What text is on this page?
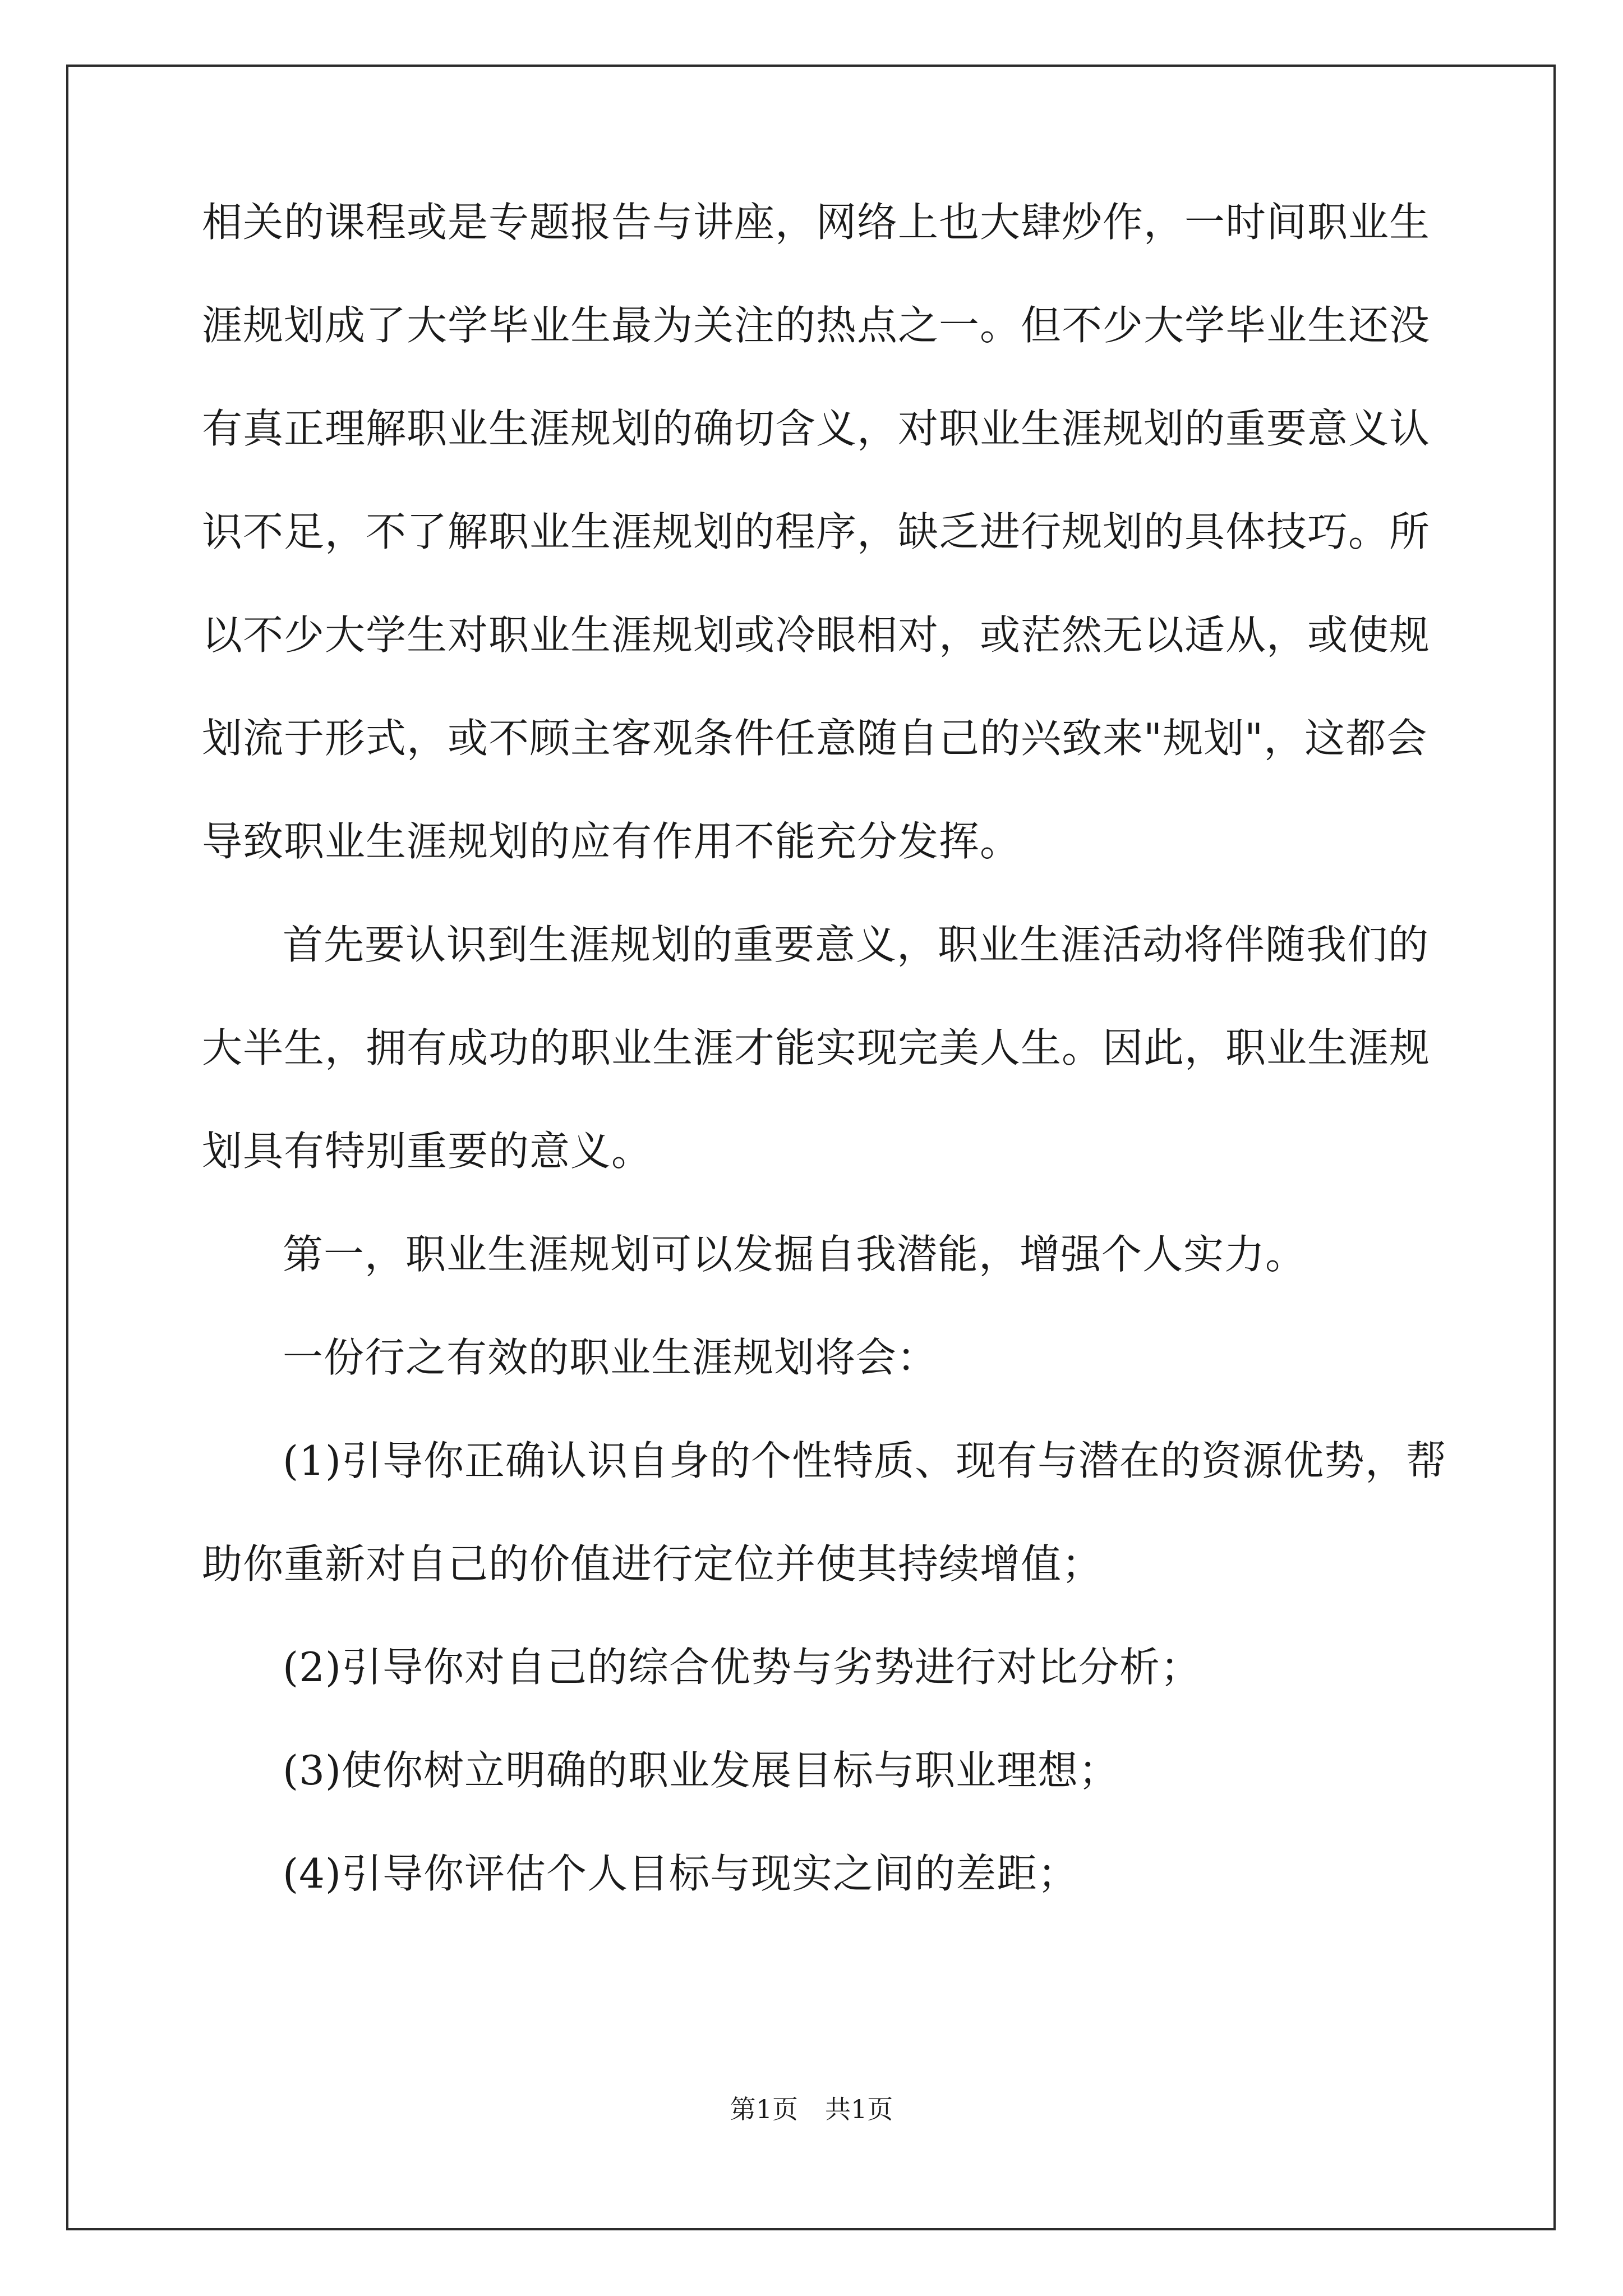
相关的课程或是专题报告与讲座，网络上也大肆炒作，一时间职业生
涯规划成了大学毕业生最为关注的热点之一。但不少大学毕业生还没
有真正理解职业生涯规划的确切含义，对职业生涯规划的重要意义认
识不足，不了解职业生涯规划的程序，缺乏进行规划的具体技巧。所
以不少大学生对职业生涯规划或冷眼相对，或茫然无以适从，或使规
划流于形式，或不顾主客观条件任意随自己的兴致来"规划"，这都会
导致职业生涯规划的应有作用不能充分发挥。
首先要认识到生涯规划的重要意义，职业生涯活动将伴随我们的
大半生，拥有成功的职业生涯才能实现完美人生。因此，职业生涯规
划具有特别重要的意义。
第一，职业生涯规划可以发掘自我潜能，增强个人实力。
一份行之有效的职业生涯规划将会：
(1)引导你正确认识自身的个性特质、现有与潜在的资源优势，帮
助你重新对自己的价值进行定位并使其持续增值；
(2)引导你对自己的综合优势与劣势进行对比分析；
(3)使你树立明确的职业发展目标与职业理想；
(4)引导你评估个人目标与现实之间的差距；
第1页 共1页
